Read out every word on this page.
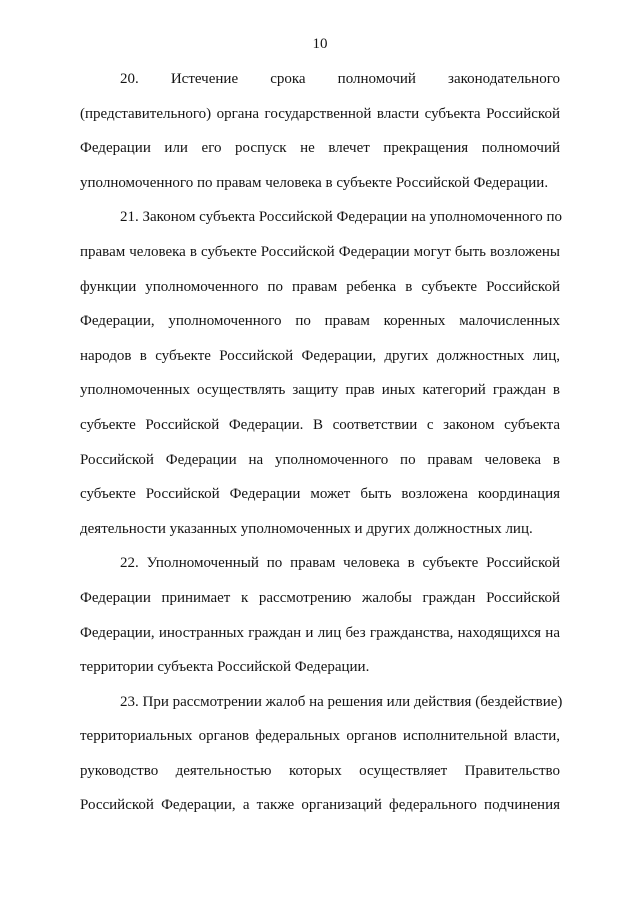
10

20. Истечение срока полномочий законодательного
(представительного) органа государственной власти субъекта Российской
Федерации или его роспуск не влечет прекращения полномочий
уполномоченного по правам человека в субъекте Российской Федерации.

21. Законом субъекта Российской Федерации на уполномоченного по
правам человека в субъекте Российской Федерации могут быть возложены
функции уполномоченного по правам ребенка в субъекте Российской
Федерации, уполномоченного по правам коренных малочисленных
народов в субъекте Российской Федерации, других должностных лиц,
уполномоченных осуществлять защиту прав иных категорий граждан в
субъекте Российской Федерации. В соответствии с законом субъекта
Российской Федерации на уполномоченного по правам человека в
субъекте Российской Федерации может быть возложена координация
деятельности указанных уполномоченных и других должностных лиц.

22. Уполномоченный по правам человека в субъекте Российской
Федерации принимает к рассмотрению жалобы граждан Российской
Федерации, иностранных граждан и лиц без гражданства, находящихся на
территории субъекта Российской Федерации.

23. При рассмотрении жалоб на решения или действия (бездействие)
территориальных органов федеральных органов исполнительной власти,
руководство деятельностью которых осуществляет Правительство
Российской Федерации, а также организаций федерального подчинения
